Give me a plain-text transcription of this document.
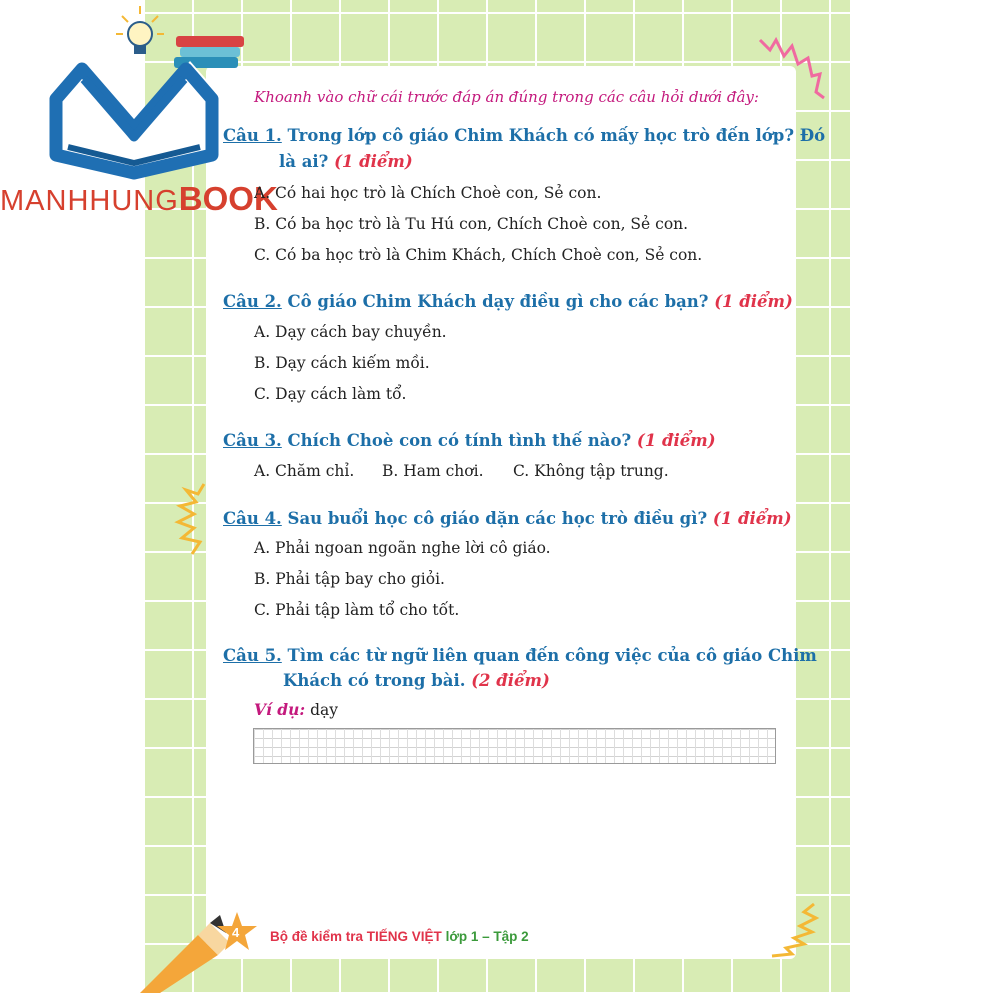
MANHHUNGBOOK
Khoanh vào chữ cái trước đáp án đúng trong các câu hỏi dưới đây:
Câu 1. Trong lớp cô giáo Chim Khách có mấy học trò đến lớp? Đó
là ai? (1 điểm)
A. Có hai học trò là Chích Choè con, Sẻ con.
B. Có ba học trò là Tu Hú con, Chích Choè con, Sẻ con.
C. Có ba học trò là Chim Khách, Chích Choè con, Sẻ con.
Câu 2. Cô giáo Chim Khách dạy điều gì cho các bạn? (1 điểm)
A. Dạy cách bay chuyền.
B. Dạy cách kiếm mồi.
C. Dạy cách làm tổ.
Câu 3. Chích Choè con có tính tình thế nào? (1 điểm)
A. Chăm chỉ. B. Ham chơi. C. Không tập trung.
Câu 4. Sau buổi học cô giáo dặn các học trò điều gì? (1 điểm)
A. Phải ngoan ngoãn nghe lời cô giáo.
B. Phải tập bay cho giỏi.
C. Phải tập làm tổ cho tốt.
Câu 5. Tìm các từ ngữ liên quan đến công việc của cô giáo Chim
Khách có trong bài. (2 điểm)
Ví dụ: dạy
4 Bộ đề kiểm tra TIẾNG VIỆT lớp 1 – Tập 2
